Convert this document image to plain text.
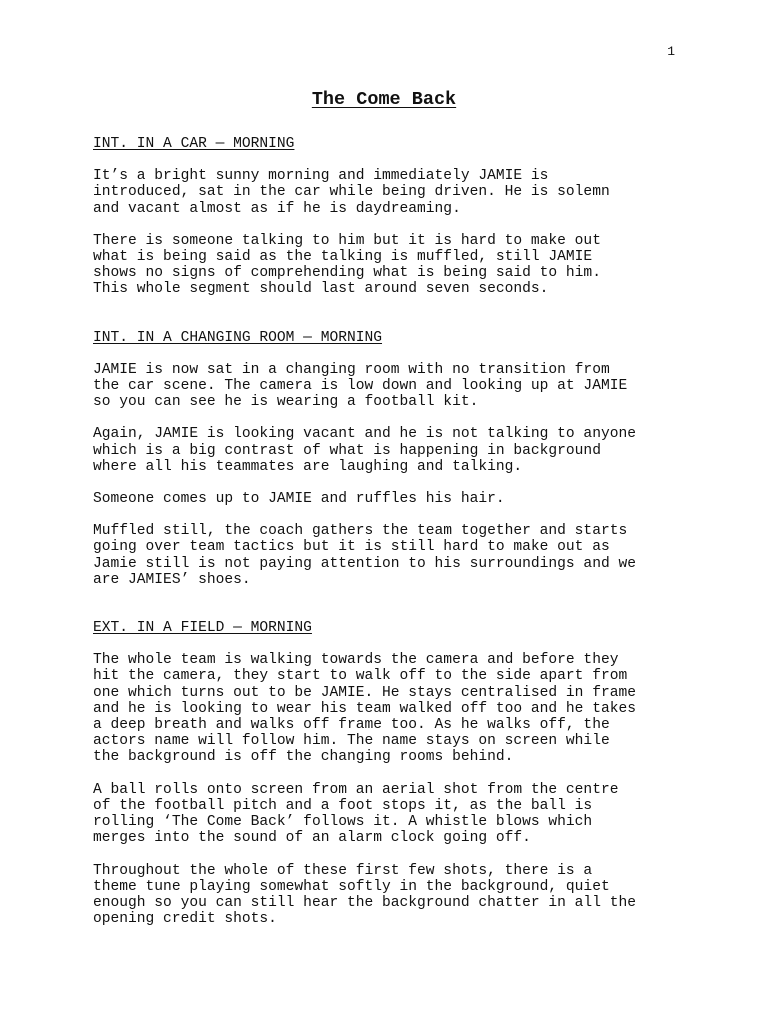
1
The Come Back
INT. IN A CAR — MORNING
It’s a bright sunny morning and immediately JAMIE is
introduced, sat in the car while being driven. He is solemn
and vacant almost as if he is daydreaming.
There is someone talking to him but it is hard to make out
what is being said as the talking is muffled, still JAMIE
shows no signs of comprehending what is being said to him.
This whole segment should last around seven seconds.
INT. IN A CHANGING ROOM — MORNING
JAMIE is now sat in a changing room with no transition from
the car scene. The camera is low down and looking up at JAMIE
so you can see he is wearing a football kit.
Again, JAMIE is looking vacant and he is not talking to anyone
which is a big contrast of what is happening in background
where all his teammates are laughing and talking.
Someone comes up to JAMIE and ruffles his hair.
Muffled still, the coach gathers the team together and starts
going over team tactics but it is still hard to make out as
Jamie still is not paying attention to his surroundings and we
are JAMIES’ shoes.
EXT. IN A FIELD — MORNING
The whole team is walking towards the camera and before they
hit the camera, they start to walk off to the side apart from
one which turns out to be JAMIE. He stays centralised in frame
and he is looking to wear his team walked off too and he takes
a deep breath and walks off frame too. As he walks off, the
actors name will follow him. The name stays on screen while
the background is off the changing rooms behind.
A ball rolls onto screen from an aerial shot from the centre
of the football pitch and a foot stops it, as the ball is
rolling ‘The Come Back’ follows it. A whistle blows which
merges into the sound of an alarm clock going off.
Throughout the whole of these first few shots, there is a
theme tune playing somewhat softly in the background, quiet
enough so you can still hear the background chatter in all the
opening credit shots.
